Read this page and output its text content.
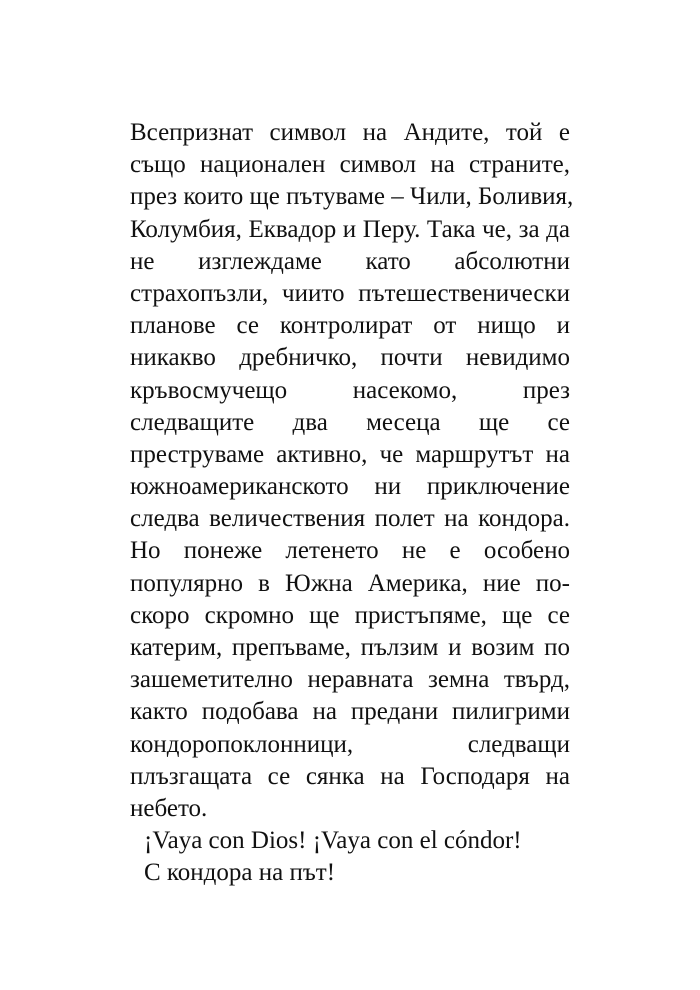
Всепризнат символ на Андите, той е
също национален символ на страните,
през които ще пътуваме – Чили, Боливия,
Колумбия, Еквадор и Перу. Така че, за да
не изглеждаме като абсолютни
страхопъзли, чиито пътешественически
планове се контролират от нищо и
никакво дребничко, почти невидимо
кръвосмучещо насекомо, през
следващите два месеца ще се
преструваме активно, че маршрутът на
южноамериканското ни приключение
следва величествения полет на кондора.
Но понеже летенето не е особено
популярно в Южна Америка, ние по-
скоро скромно ще пристъпяме, ще се
катерим, препъваме, пълзим и возим по
зашеметително неравната земна твърд,
както подобава на предани пилигрими
кондоропоклонници, следващи
плъзгащата се сянка на Господаря на
небето.
¡Vaya con Dios! ¡Vaya con el cóndor!
С кондора на път!
